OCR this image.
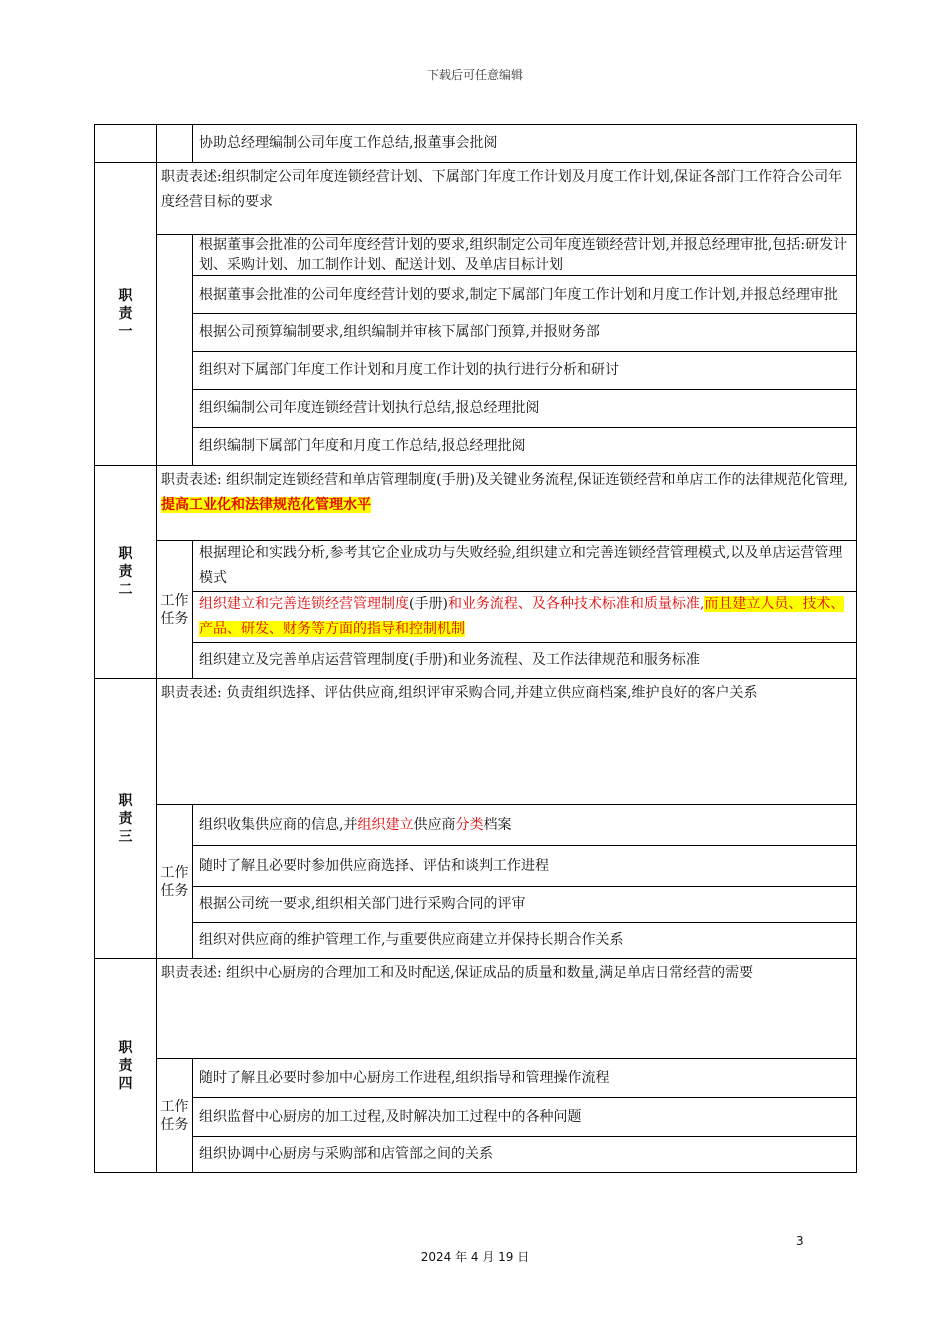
下载后可任意编辑
		协助总经理编制公司年度工作总结,报董事会批阅
职责一	职责表述:组织制定公司年度连锁经营计划、下属部门年度工作计划及月度工作计划,保证各部门工作符合公司年度经营目标的要求	
		根据董事会批准的公司年度经营计划的要求,组织制定公司年度连锁经营计划,并报总经理审批,包括:研发计划、采购计划、加工制作计划、配送计划、及单店目标计划
		根据董事会批准的公司年度经营计划的要求,制定下属部门年度工作计划和月度工作计划,并报总经理审批
		根据公司预算编制要求,组织编制并审核下属部门预算,并报财务部
		组织对下属部门年度工作计划和月度工作计划的执行进行分析和研讨
		组织编制公司年度连锁经营计划执行总结,报总经理批阅
		组织编制下属部门年度和月度工作总结,报总经理批阅
职责二	职责表述: 组织制定连锁经营和单店管理制度(手册)及关键业务流程,保证连锁经营和单店工作的法律规范化管理,提高工业化和法律规范化管理水平	
	工作任务	根据理论和实践分析,参考其它企业成功与失败经验,组织建立和完善连锁经营管理模式,以及单店运营管理模式
		组织建立和完善连锁经营管理制度(手册)和业务流程、及各种技术标准和质量标准,而且建立人员、技术、产品、研发、财务等方面的指导和控制机制
		组织建立及完善单店运营管理制度(手册)和业务流程、及工作法律规范和服务标准
职责三	职责表述: 负责组织选择、评估供应商,组织评审采购合同,并建立供应商档案,维护良好的客户关系	
	工作任务	组织收集供应商的信息,并组织建立供应商分类档案
		随时了解且必要时参加供应商选择、评估和谈判工作进程
		根据公司统一要求,组织相关部门进行采购合同的评审
		组织对供应商的维护管理工作,与重要供应商建立并保持长期合作关系
职责四	职责表述: 组织中心厨房的合理加工和及时配送,保证成品的质量和数量,满足单店日常经营的需要	
	工作任务	随时了解且必要时参加中心厨房工作进程,组织指导和管理操作流程
		组织监督中心厨房的加工过程,及时解决加工过程中的各种问题
		组织协调中心厨房与采购部和店管部之间的关系
3
2024 年 4 月 19 日
